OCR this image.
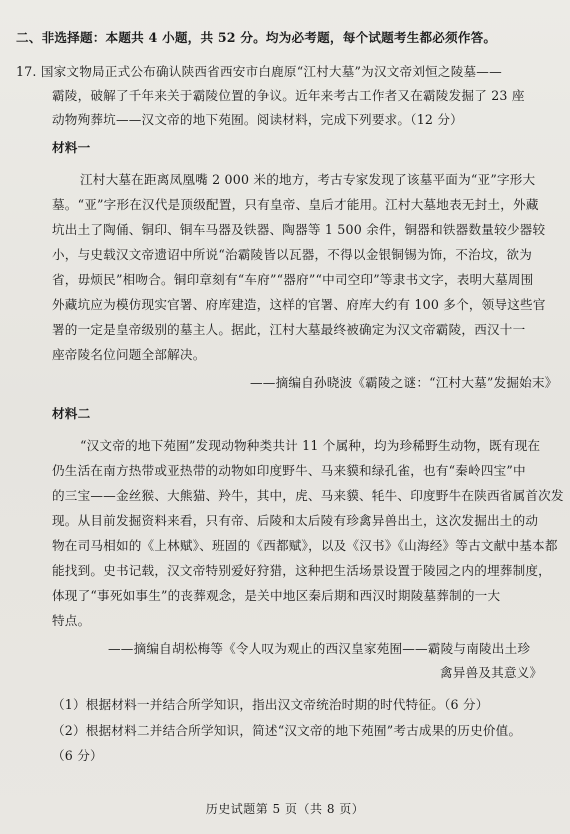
二、非选择题：本题共 4 小题，共 52 分。均为必考题，每个试题考生都必须作答。
17. 国家文物局正式公布确认陕西省西安市白鹿原“江村大墓”为汉文帝刘恒之陵墓——
霸陵，破解了千年来关于霸陵位置的争议。近年来考古工作者又在霸陵发掘了 23 座
动物殉葬坑——汉文帝的地下苑囿。阅读材料，完成下列要求。（12 分）
材料一
江村大墓在距离凤凰嘴 2 000 米的地方，考古专家发现了该墓平面为“亚”字形大
墓。“亚”字形在汉代是顶级配置，只有皇帝、皇后才能用。江村大墓地表无封土，外藏
坑出土了陶俑、铜印、铜车马器及铁器、陶器等 1 500 余件，铜器和铁器数量较少器较
小，与史载汉文帝遗诏中所说“治霸陵皆以瓦器，不得以金银铜锡为饰，不治坟，欲为
省，毋烦民”相吻合。铜印章刻有“车府”“器府”“中司空印”等隶书文字，表明大墓周围
外藏坑应为模仿现实官署、府库建造，这样的官署、府库大约有 100 多个，领导这些官
署的一定是皇帝级别的墓主人。据此，江村大墓最终被确定为汉文帝霸陵，西汉十一
座帝陵名位问题全部解决。
——摘编自孙晓波《霸陵之谜：“江村大墓”发掘始末》
材料二
“汉文帝的地下苑囿”发现动物种类共计 11 个属种，均为珍稀野生动物，既有现在
仍生活在南方热带或亚热带的动物如印度野牛、马来貘和绿孔雀，也有“秦岭四宝”中
的三宝——金丝猴、大熊猫、羚牛，其中，虎、马来貘、牦牛、印度野牛在陕西省属首次发
现。从目前发掘资料来看，只有帝、后陵和太后陵有珍禽异兽出土，这次发掘出土的动
物在司马相如的《上林赋》、班固的《西都赋》，以及《汉书》《山海经》等古文献中基本都
能找到。史书记载，汉文帝特别爱好狩猎，这种把生活场景设置于陵园之内的埋葬制度，
体现了“事死如事生”的丧葬观念，是关中地区秦后期和西汉时期陵墓葬制的一大
特点。
——摘编自胡松梅等《令人叹为观止的西汉皇家苑囿——霸陵与南陵出土珍
禽异兽及其意义》
（1）根据材料一并结合所学知识，指出汉文帝统治时期的时代特征。（6 分）
（2）根据材料二并结合所学知识，简述“汉文帝的地下苑囿”考古成果的历史价值。
（6 分）
历史试题第 5 页（共 8 页）
